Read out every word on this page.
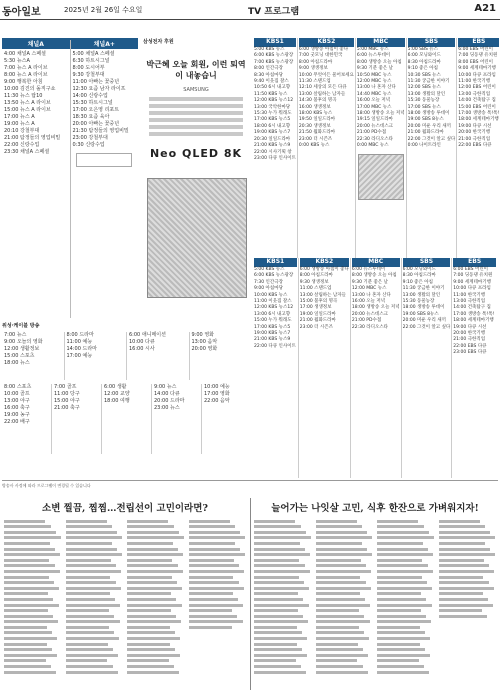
동아일보	2025년 2월 26일 수요일	TV 프로그램	A21
채널A
4:00 채널A 스페셜
5:30 뉴스A
7:00 뉴스 A 라이브
8:00 뉴스 A 라이브
9:00 행복한 아침
10:00 김진의 돌직구쇼
11:30 뉴스 탑10
13:50 뉴스 A 라이브
15:00 뉴스 A 라이브
17:00 뉴스 A
19:00 뉴스 A
20:10 강철부대
21:00 탐정들의 영업비밀
22:00 신랑수업
23:30 채널A 스페셜
채널A+
5:00 채널A 스페셜
6:30 하트시그널
8:00 도시어부
9:30 강철부대
11:00 아빠는 꽃중년
12:30 요즘 남자 라이프
14:00 신랑수업
15:30 하트시그널
17:00 오은영 리포트
18:30 요즘 육아
20:00 아빠는 꽃중년
21:30 탐정들의 영업비밀
23:00 강철부대
0:30 신랑수업
삼성전자 후원
박근혜 오늘 회원, 이런 퇴역이 내놓습니
SAMSUNG
Neo QLED 8K
KBS1
5:00 KBS 뉴스
6:00 KBS 뉴스광장
7:00 KBS 뉴스광장
8:00 인간극장
8:30 아침마당
9:40 이웃집 찰스
10:50 6시 내고향
11:50 KBS 뉴스
12:00 KBS 뉴스12
13:00 국악한마당
15:30 누가 뭐래도
17:00 KBS 뉴스5
18:00 6시 내고향
19:00 KBS 뉴스7
20:30 일일드라마
21:00 KBS 뉴스9
22:00 시사기획 창
23:00 다큐 인사이트
KBS2
6:00 생방송 아침이 좋다
7:00 굿모닝 대한민국
8:00 아침드라마
9:00 생생정보
10:00 무엇이든 물어보세요
11:30 스탠드업
12:10 세상의 모든 다큐
13:00 살림하는 남자들
14:30 불후의 명곡
16:00 생생정보
18:00 KBS 뉴스
19:50 일일드라마
20:30 생생정보
21:50 월화드라마
23:00 더 시즌즈
0:00 KBS 뉴스
MBC
5:00 MBC 뉴스
6:00 뉴스투데이
8:00 생방송 오늘 아침
9:30 기분 좋은 날
10:50 MBC 뉴스
12:00 MBC 뉴스
13:00 나 혼자 산다
14:40 MBC 뉴스
16:00 오늘 저녁
17:00 MBC 뉴스
18:00 생방송 오늘 저녁
19:15 일일드라마
20:00 뉴스데스크
21:00 PD수첩
22:30 라디오스타
0:00 MBC 뉴스
SBS
5:00 SBS 뉴스
6:00 모닝와이드
8:30 아침드라마
9:10 좋은 아침
10:30 SBS 뉴스
11:30 궁금한 이야기
12:00 SBS 뉴스
13:00 생활의 달인
15:30 동물농장
17:00 SBS 뉴스
18:00 생방송 투데이
19:00 SBS 8뉴스
20:00 미운 우리 새끼
21:00 월화드라마
22:00 그것이 알고 싶다
0:00 나이트라인
EBS
6:00 EBS 어린이
7:00 딩동댕 유치원
8:00 EBS 어린이
9:00 세계테마기행
10:00 다큐 프라임
11:00 한국기행
12:00 EBS 어린이
13:00 극한직업
14:00 건축탐구 집
15:00 EBS 어린이
17:00 생방송 톡!톡!
18:00 세계테마기행
19:00 다큐 시선
20:00 한국기행
21:00 극한직업
22:00 EBS 다큐
KBS1
5:00 KBS 뉴스
6:00 KBS 뉴스광장
7:30 인간극장
9:00 아침마당
10:00 KBS 뉴스
11:00 이웃집 찰스
12:00 KBS 뉴스12
13:00 6시 내고향
15:00 누가 뭐래도
17:00 KBS 뉴스5
19:00 KBS 뉴스7
21:00 KBS 뉴스9
22:00 다큐 인사이트
KBS2
6:00 생방송 아침이 좋다
8:00 아침드라마
9:30 생생정보
11:00 스탠드업
13:00 살림하는 남자들
15:00 불후의 명곡
17:00 생생정보
19:00 일일드라마
21:00 월화드라마
23:00 더 시즌즈
MBC
6:00 뉴스투데이
8:00 생방송 오늘 아침
9:30 기분 좋은 날
12:00 MBC 뉴스
13:00 나 혼자 산다
16:00 오늘 저녁
18:00 생방송 오늘 저녁
20:00 뉴스데스크
21:00 PD수첩
22:30 라디오스타
SBS
6:00 모닝와이드
8:30 아침드라마
9:10 좋은 아침
11:30 궁금한 이야기
13:00 생활의 달인
15:30 동물농장
18:00 생방송 투데이
19:00 SBS 8뉴스
20:00 미운 우리 새끼
22:00 그것이 알고 싶다
EBS
6:00 EBS 어린이
7:00 딩동댕 유치원
9:00 세계테마기행
10:00 다큐 프라임
11:00 한국기행
13:00 극한직업
14:00 건축탐구 집
17:00 생방송 톡!톡!
18:00 세계테마기행
19:00 다큐 시선
20:00 한국기행
21:00 극한직업
22:00 EBS 다큐
23:00 EBS 다큐
위성·케이블 방송
7:00 뉴스
9:00 오늘의 영화
12:00 생활정보
15:00 스포츠
18:00 뉴스
8:00 드라마
11:00 예능
14:00 드라마
17:00 예능
6:00 애니메이션
10:00 다큐
16:00 시사
9:00 영화
13:00 음악
20:00 영화
8:00 스포츠
10:00 골프
13:00 야구
16:00 축구
19:00 농구
22:00 배구
7:00 골프
11:00 당구
15:00 야구
21:00 축구
6:00 생활
12:00 교양
18:00 여행
9:00 뉴스
14:00 다큐
20:00 드라마
23:00 뉴스
10:00 예능
17:00 영화
22:00 음악
방송사 사정에 따라 프로그램이 변경될 수 있습니다
소변 찔끔, 찜찜…전립선이 고민이라면?	늘어가는 나잇살 고민, 식후 한잔으로 가벼워지자!
